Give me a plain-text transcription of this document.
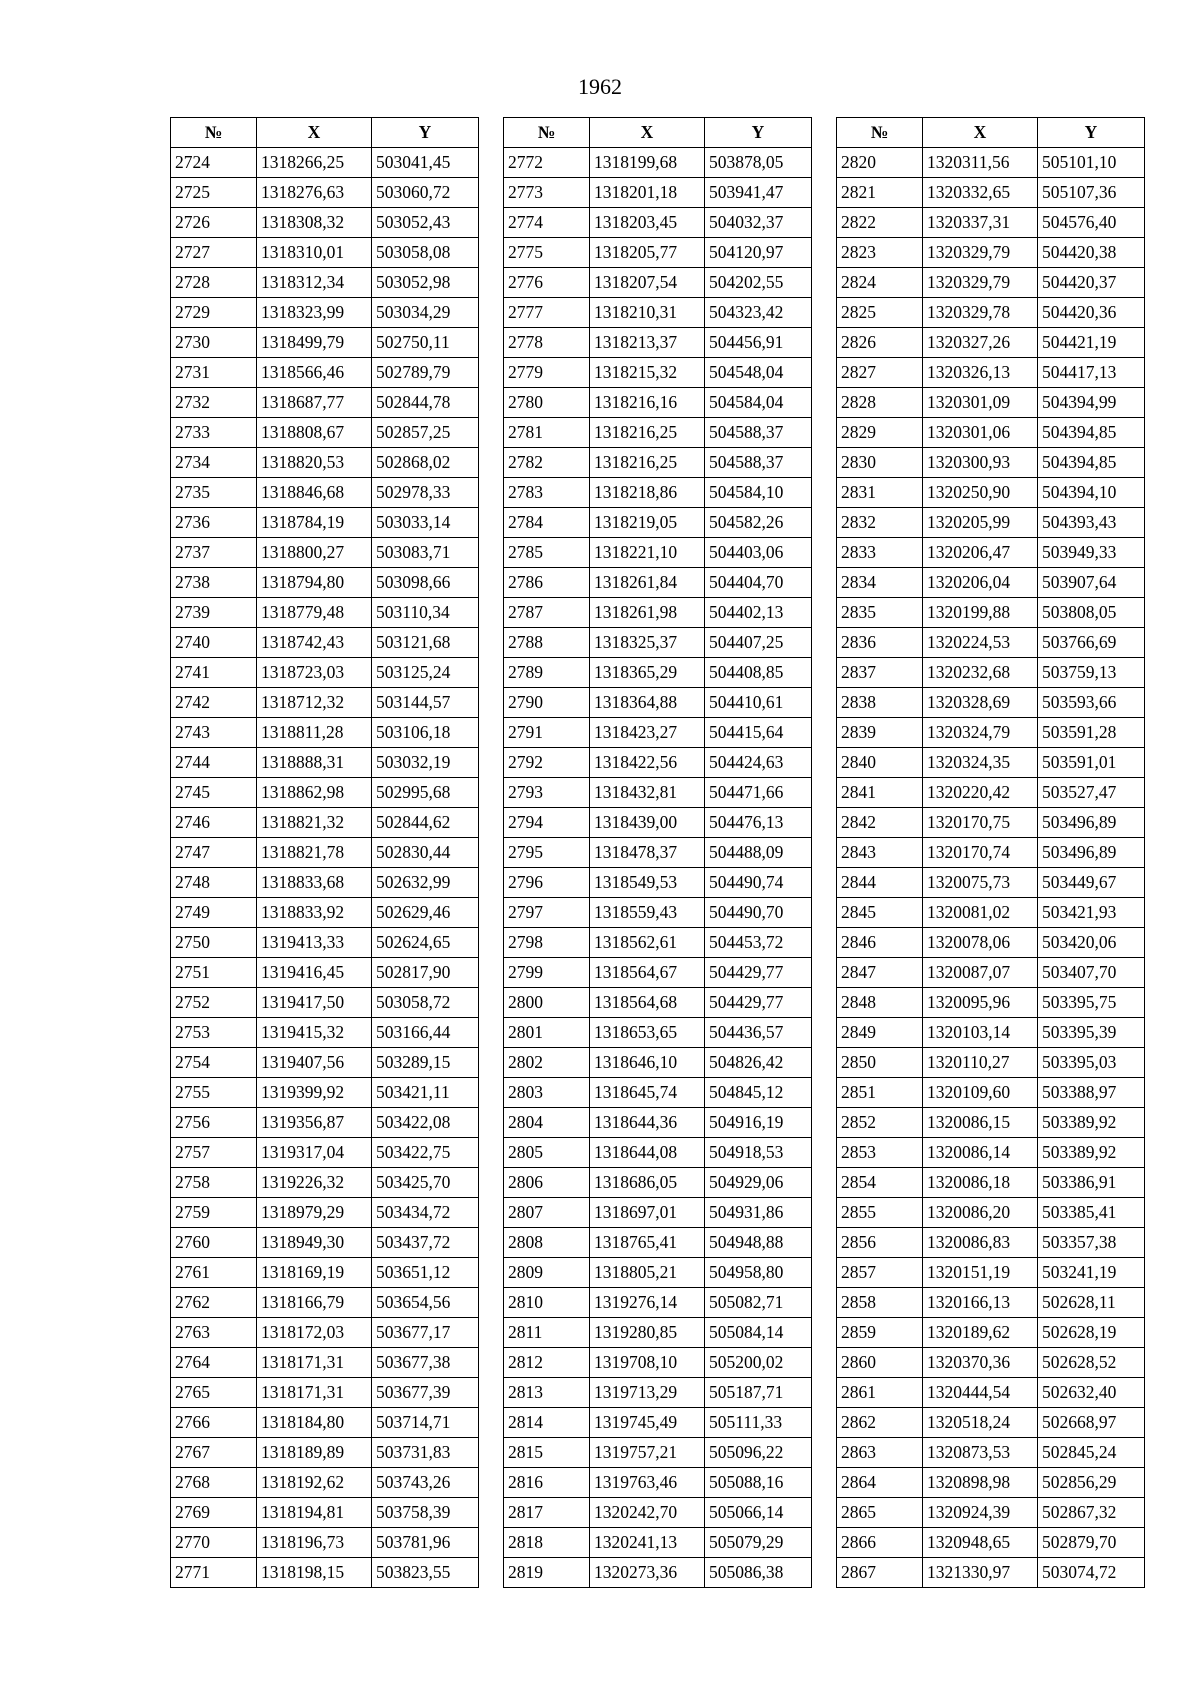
1962
№	X	Y
2724	1318266,25	503041,45
2725	1318276,63	503060,72
2726	1318308,32	503052,43
2727	1318310,01	503058,08
2728	1318312,34	503052,98
2729	1318323,99	503034,29
2730	1318499,79	502750,11
2731	1318566,46	502789,79
2732	1318687,77	502844,78
2733	1318808,67	502857,25
2734	1318820,53	502868,02
2735	1318846,68	502978,33
2736	1318784,19	503033,14
2737	1318800,27	503083,71
2738	1318794,80	503098,66
2739	1318779,48	503110,34
2740	1318742,43	503121,68
2741	1318723,03	503125,24
2742	1318712,32	503144,57
2743	1318811,28	503106,18
2744	1318888,31	503032,19
2745	1318862,98	502995,68
2746	1318821,32	502844,62
2747	1318821,78	502830,44
2748	1318833,68	502632,99
2749	1318833,92	502629,46
2750	1319413,33	502624,65
2751	1319416,45	502817,90
2752	1319417,50	503058,72
2753	1319415,32	503166,44
2754	1319407,56	503289,15
2755	1319399,92	503421,11
2756	1319356,87	503422,08
2757	1319317,04	503422,75
2758	1319226,32	503425,70
2759	1318979,29	503434,72
2760	1318949,30	503437,72
2761	1318169,19	503651,12
2762	1318166,79	503654,56
2763	1318172,03	503677,17
2764	1318171,31	503677,38
2765	1318171,31	503677,39
2766	1318184,80	503714,71
2767	1318189,89	503731,83
2768	1318192,62	503743,26
2769	1318194,81	503758,39
2770	1318196,73	503781,96
2771	1318198,15	503823,55
№	X	Y
2772	1318199,68	503878,05
2773	1318201,18	503941,47
2774	1318203,45	504032,37
2775	1318205,77	504120,97
2776	1318207,54	504202,55
2777	1318210,31	504323,42
2778	1318213,37	504456,91
2779	1318215,32	504548,04
2780	1318216,16	504584,04
2781	1318216,25	504588,37
2782	1318216,25	504588,37
2783	1318218,86	504584,10
2784	1318219,05	504582,26
2785	1318221,10	504403,06
2786	1318261,84	504404,70
2787	1318261,98	504402,13
2788	1318325,37	504407,25
2789	1318365,29	504408,85
2790	1318364,88	504410,61
2791	1318423,27	504415,64
2792	1318422,56	504424,63
2793	1318432,81	504471,66
2794	1318439,00	504476,13
2795	1318478,37	504488,09
2796	1318549,53	504490,74
2797	1318559,43	504490,70
2798	1318562,61	504453,72
2799	1318564,67	504429,77
2800	1318564,68	504429,77
2801	1318653,65	504436,57
2802	1318646,10	504826,42
2803	1318645,74	504845,12
2804	1318644,36	504916,19
2805	1318644,08	504918,53
2806	1318686,05	504929,06
2807	1318697,01	504931,86
2808	1318765,41	504948,88
2809	1318805,21	504958,80
2810	1319276,14	505082,71
2811	1319280,85	505084,14
2812	1319708,10	505200,02
2813	1319713,29	505187,71
2814	1319745,49	505111,33
2815	1319757,21	505096,22
2816	1319763,46	505088,16
2817	1320242,70	505066,14
2818	1320241,13	505079,29
2819	1320273,36	505086,38
№	X	Y
2820	1320311,56	505101,10
2821	1320332,65	505107,36
2822	1320337,31	504576,40
2823	1320329,79	504420,38
2824	1320329,79	504420,37
2825	1320329,78	504420,36
2826	1320327,26	504421,19
2827	1320326,13	504417,13
2828	1320301,09	504394,99
2829	1320301,06	504394,85
2830	1320300,93	504394,85
2831	1320250,90	504394,10
2832	1320205,99	504393,43
2833	1320206,47	503949,33
2834	1320206,04	503907,64
2835	1320199,88	503808,05
2836	1320224,53	503766,69
2837	1320232,68	503759,13
2838	1320328,69	503593,66
2839	1320324,79	503591,28
2840	1320324,35	503591,01
2841	1320220,42	503527,47
2842	1320170,75	503496,89
2843	1320170,74	503496,89
2844	1320075,73	503449,67
2845	1320081,02	503421,93
2846	1320078,06	503420,06
2847	1320087,07	503407,70
2848	1320095,96	503395,75
2849	1320103,14	503395,39
2850	1320110,27	503395,03
2851	1320109,60	503388,97
2852	1320086,15	503389,92
2853	1320086,14	503389,92
2854	1320086,18	503386,91
2855	1320086,20	503385,41
2856	1320086,83	503357,38
2857	1320151,19	503241,19
2858	1320166,13	502628,11
2859	1320189,62	502628,19
2860	1320370,36	502628,52
2861	1320444,54	502632,40
2862	1320518,24	502668,97
2863	1320873,53	502845,24
2864	1320898,98	502856,29
2865	1320924,39	502867,32
2866	1320948,65	502879,70
2867	1321330,97	503074,72
